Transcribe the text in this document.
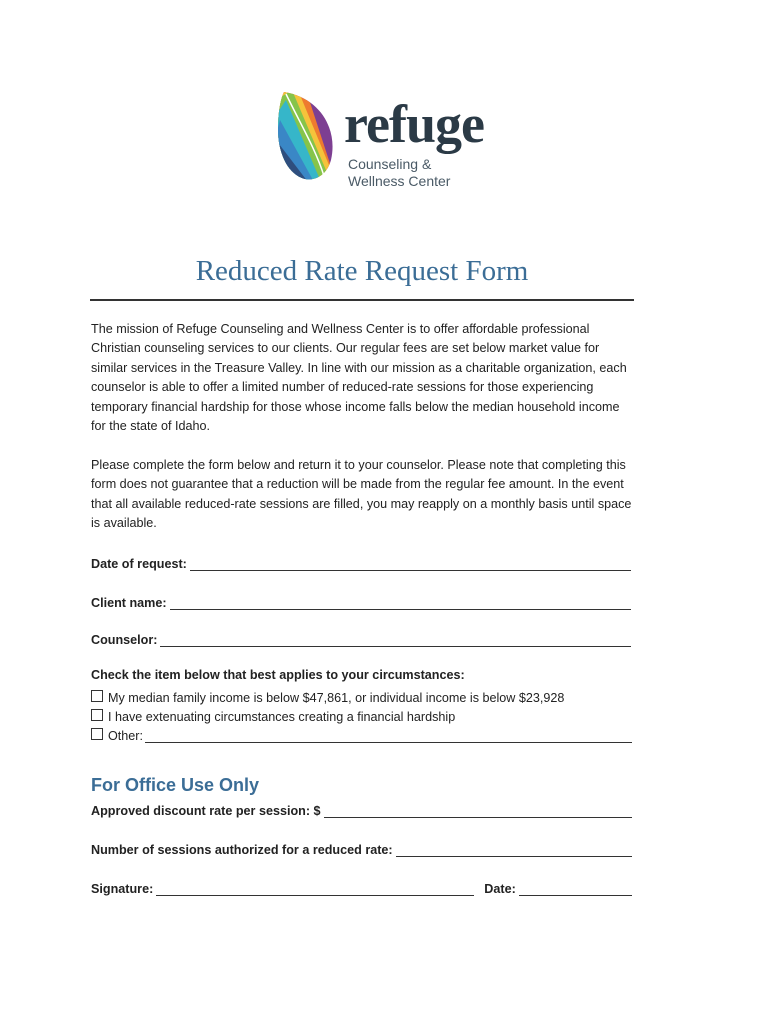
refuge
Counseling &
Wellness Center
Reduced Rate Request Form
The mission of Refuge Counseling and Wellness Center is to offer affordable professional Christian counseling services to our clients. Our regular fees are set below market value for similar services in the Treasure Valley. In line with our mission as a charitable organization, each counselor is able to offer a limited number of reduced-rate sessions for those experiencing temporary financial hardship for those whose income falls below the median household income for the state of Idaho.
Please complete the form below and return it to your counselor. Please note that completing this form does not guarantee that a reduction will be made from the regular fee amount. In the event that all available reduced-rate sessions are filled, you may reapply on a monthly basis until space is available.
Date of request:
Client name:
Counselor:
Check the item below that best applies to your circumstances:
My median family income is below $47,861, or individual income is below $23,928
I have extenuating circumstances creating a financial hardship
Other:
For Office Use Only
Approved discount rate per session: $
Number of sessions authorized for a reduced rate:
Signature:	Date:
